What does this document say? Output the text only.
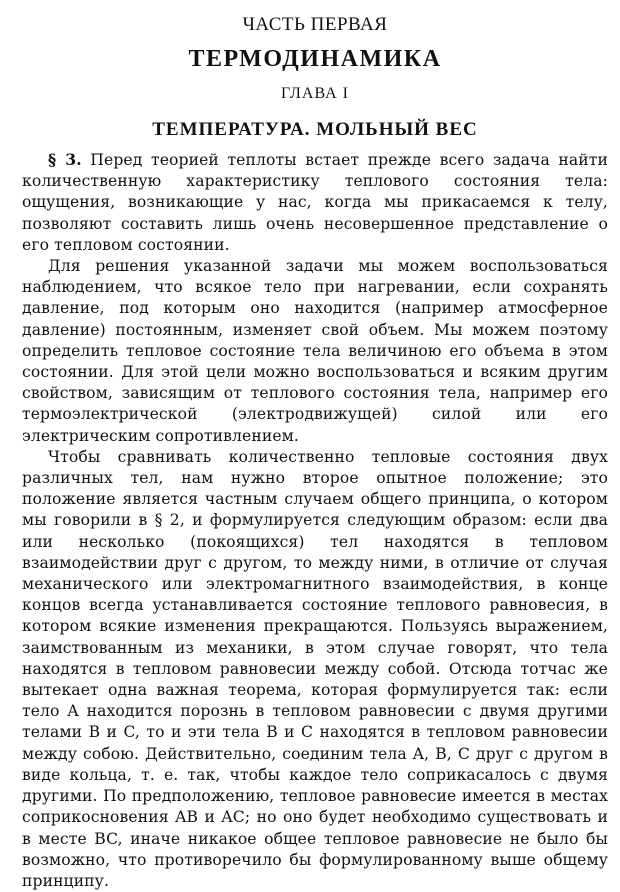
ЧАСТЬ ПЕРВАЯ
ТЕРМОДИНАМИКА
ГЛАВА I
ТЕМПЕРАТУРА. МОЛЬНЫЙ ВЕС

§ 3. Перед теорией теплоты встает прежде всего задача найти количественную характеристику теплового состояния тела: ощущения, возникающие у нас, когда мы прикасаемся к телу, позволяют составить лишь очень несовершенное представление о его тепловом состоянии.

Для решения указанной задачи мы можем воспользоваться наблюдением, что всякое тело при нагревании, если сохранять давление, под которым оно находится (например атмосферное давление) постоянным, изменяет свой объем. Мы можем поэтому определить тепловое состояние тела величиною его объема в этом состоянии. Для этой цели можно воспользоваться и всяким другим свойством, зависящим от теплового состояния тела, например его термоэлектрической (электродвижущей) силой или его электрическим сопротивлением.

Чтобы сравнивать количественно тепловые состояния двух различных тел, нам нужно второе опытное положение; это положение является частным случаем общего принципа, о котором мы говорили в § 2, и формулируется следующим образом: если два или несколько (покоящихся) тел находятся в тепловом взаимодействии друг с другом, то между ними, в отличие от случая механического или электромагнитного взаимодействия, в конце концов всегда устанавливается состояние теплового равновесия, в котором всякие изменения прекращаются. Пользуясь выражением, заимствованным из механики, в этом случае говорят, что тела находятся в тепловом равновесии между собой. Отсюда тотчас же вытекает одна важная теорема, которая формулируется так: если тело A находится порознь в тепловом равновесии с двумя другими телами B и C, то и эти тела B и C находятся в тепловом равновесии между собою. Действительно, соединим тела A, B, C друг с другом в виде кольца, т. е. так, чтобы каждое тело соприкасалось с двумя другими. По предположению, тепловое равновесие имеется в местах соприкосновения AB и AC; но оно будет необходимо существовать и в месте BC, иначе никакое общее тепловое равновесие не было бы возможно, что противоречило бы формулированному выше общему принципу.
